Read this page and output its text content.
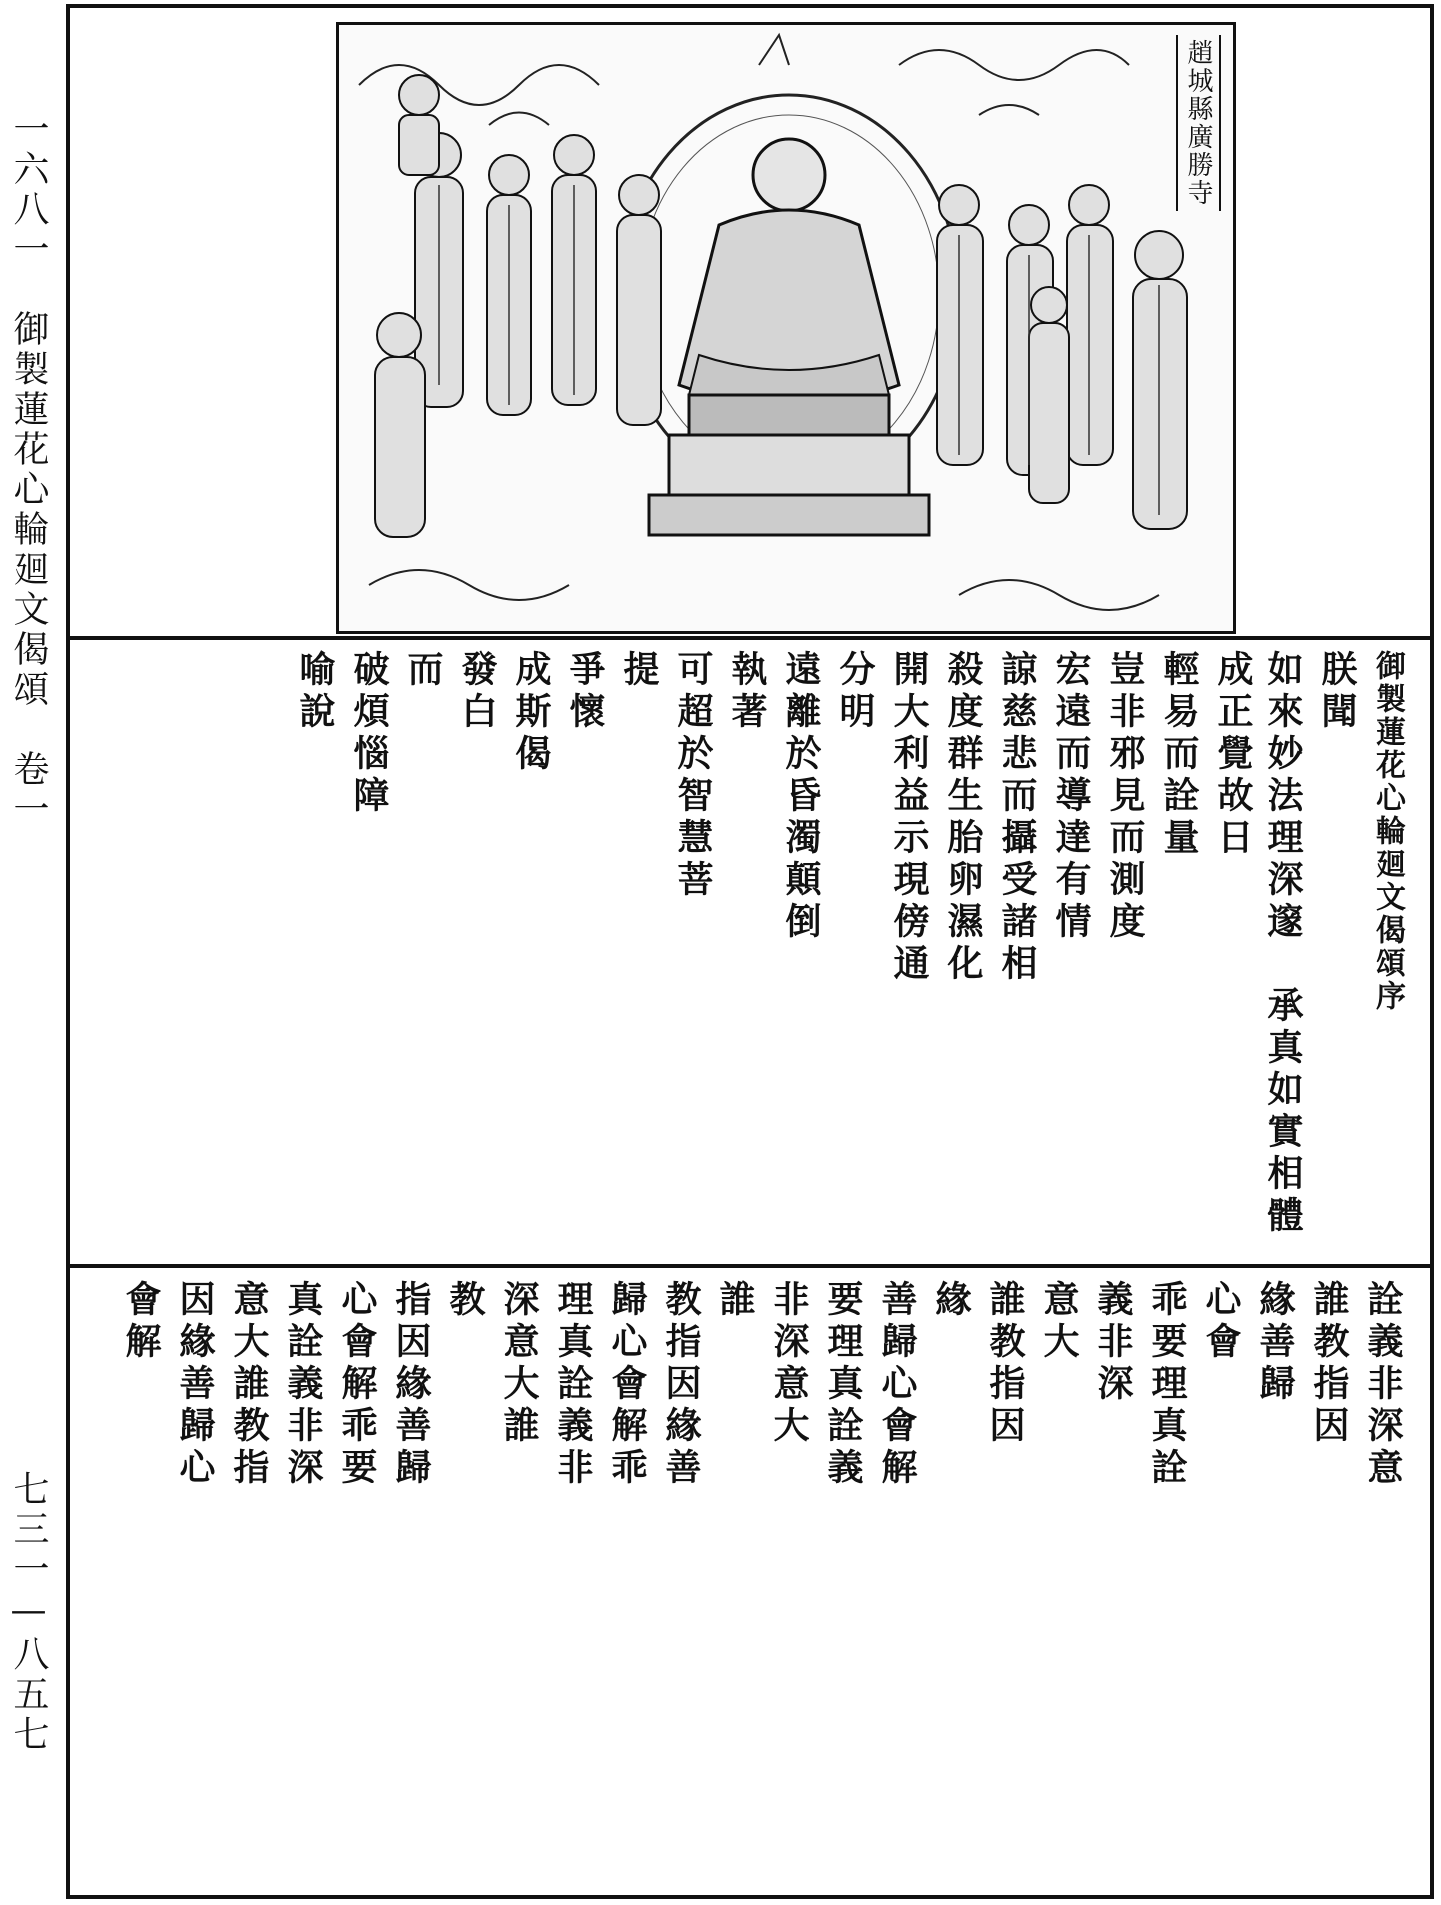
一六八一　御製蓮花心輪廻文偈頌　卷一
七三一—八五七
趙城縣廣勝寺

御製蓮花心輪廻文偈頌序

朕聞

如來妙法理深邃　承真如實相體成正覺故日

輕易而詮量

豈非邪見而測度

宏遠而導達有情

諒慈悲而攝受諸相

殺度群生胎卵濕化

開大利益示現傍通

分明

遠離於昏濁顛倒

執著

可超於智慧菩

提

爭懷

成斯偈

發白

而

破煩惱障

喻說

詮義非深意

誰教指因

緣善歸

心會

乖要理真詮

義非深

意大

誰教指因

緣

善歸心會解

要理真詮義

非深意大

誰

教指因緣善

歸心會解乖

理真詮義非

深意大誰

教

指因緣善歸

心會解乖要

真詮義非深

意大誰教指

因緣善歸心

會解
